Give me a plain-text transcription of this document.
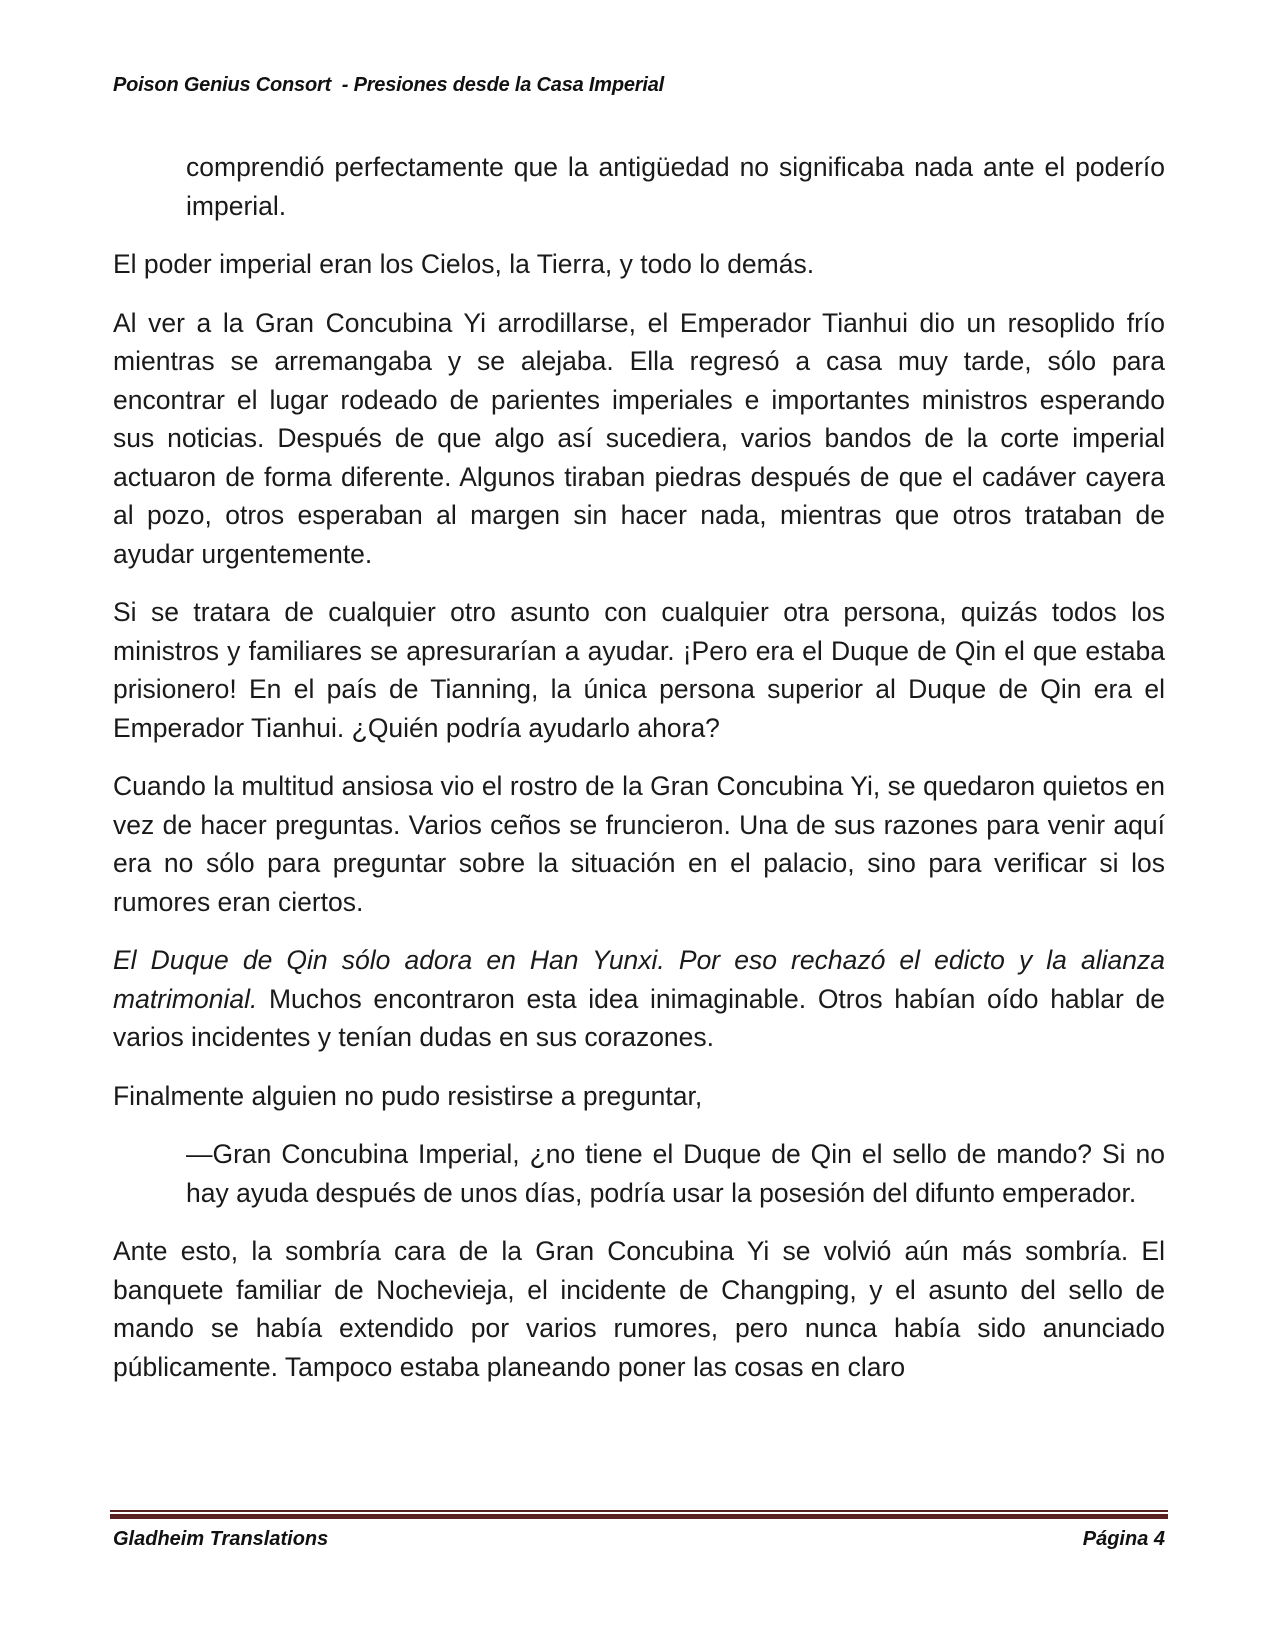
Poison Genius Consort  - Presiones desde la Casa Imperial

comprendió perfectamente que la antigüedad no significaba nada ante el poderío imperial.

El poder imperial eran los Cielos, la Tierra, y todo lo demás.

Al ver a la Gran Concubina Yi arrodillarse, el Emperador Tianhui dio un resoplido frío mientras se arremangaba y se alejaba. Ella regresó a casa muy tarde, sólo para encontrar el lugar rodeado de parientes imperiales e importantes ministros esperando sus noticias. Después de que algo así sucediera, varios bandos de la corte imperial actuaron de forma diferente. Algunos tiraban piedras después de que el cadáver cayera al pozo, otros esperaban al margen sin hacer nada, mientras que otros trataban de ayudar urgentemente.

Si se tratara de cualquier otro asunto con cualquier otra persona, quizás todos los ministros y familiares se apresurarían a ayudar. ¡Pero era el Duque de Qin el que estaba prisionero! En el país de Tianning, la única persona superior al Duque de Qin era el Emperador Tianhui. ¿Quién podría ayudarlo ahora?

Cuando la multitud ansiosa vio el rostro de la Gran Concubina Yi, se quedaron quietos en vez de hacer preguntas. Varios ceños se fruncieron. Una de sus razones para venir aquí era no sólo para preguntar sobre la situación en el palacio, sino para verificar si los rumores eran ciertos.

El Duque de Qin sólo adora en Han Yunxi. Por eso rechazó el edicto y la alianza matrimonial. Muchos encontraron esta idea inimaginable. Otros habían oído hablar de varios incidentes y tenían dudas en sus corazones.

Finalmente alguien no pudo resistirse a preguntar,

—Gran Concubina Imperial, ¿no tiene el Duque de Qin el sello de mando? Si no hay ayuda después de unos días, podría usar la posesión del difunto emperador.

Ante esto, la sombría cara de la Gran Concubina Yi se volvió aún más sombría. El banquete familiar de Nochevieja, el incidente de Changping, y el asunto del sello de mando se había extendido por varios rumores, pero nunca había sido anunciado públicamente. Tampoco estaba planeando poner las cosas en claro

Gladheim Translations	Página 4
